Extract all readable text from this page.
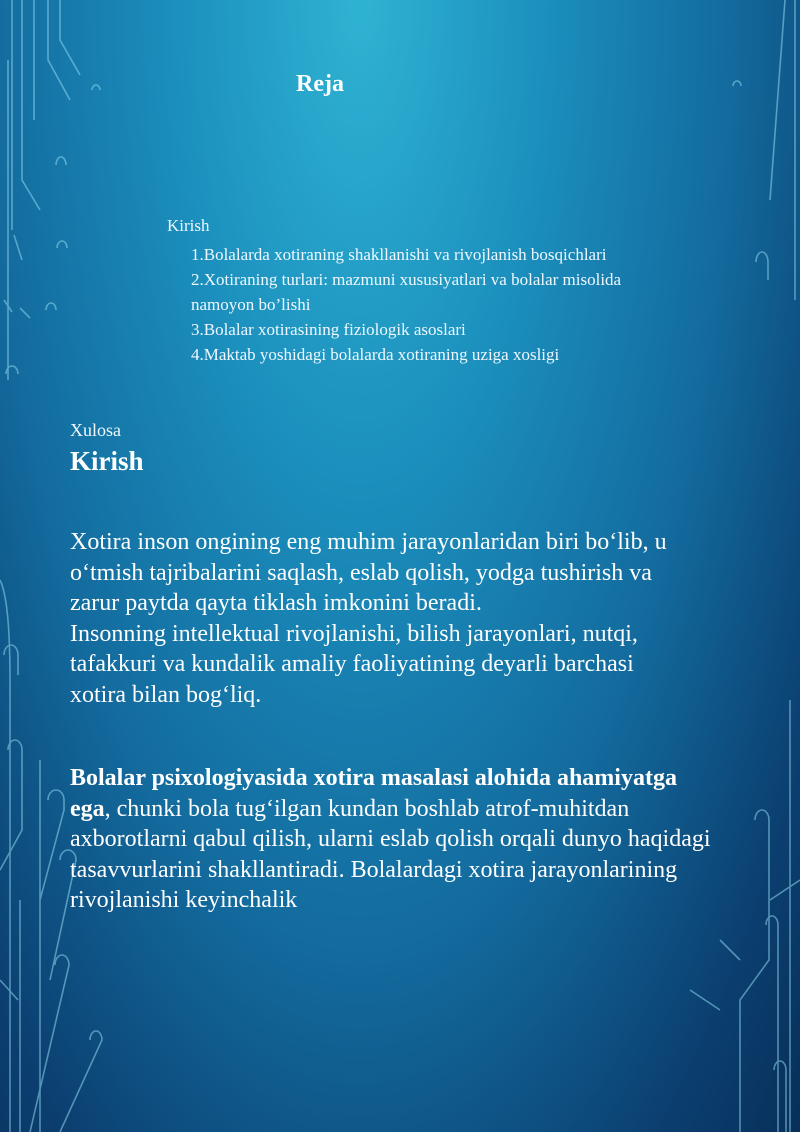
Reja
Kirish
1.Bolalarda xotiraning shakllanishi va rivojlanish bosqichlari
2.Xotiraning turlari: mazmuni xususiyatlari va bolalar misolida namoyon bo’lishi
3.Bolalar xotirasining fiziologik asoslari
4.Maktab yoshidagi bolalarda xotiraning uziga xosligi
Xulosa
Kirish

Xotira inson ongining eng muhim jarayonlaridan biri bo‘lib, u o‘tmish tajribalarini saqlash, eslab qolish, yodga tushirish va zarur paytda qayta tiklash imkonini beradi.
Insonning intellektual rivojlanishi, bilish jarayonlari, nutqi, tafakkuri va kundalik amaliy faoliyatining deyarli barchasi xotira bilan bog‘liq.

Bolalar psixologiyasida xotira masalasi alohida ahamiyatga ega, chunki bola tug‘ilgan kundan boshlab atrof-muhitdan axborotlarni qabul qilish, ularni eslab qolish orqali dunyo haqidagi tasavvurlarini shakllantiradi. Bolalardagi xotira jarayonlarining rivojlanishi keyinchalik
